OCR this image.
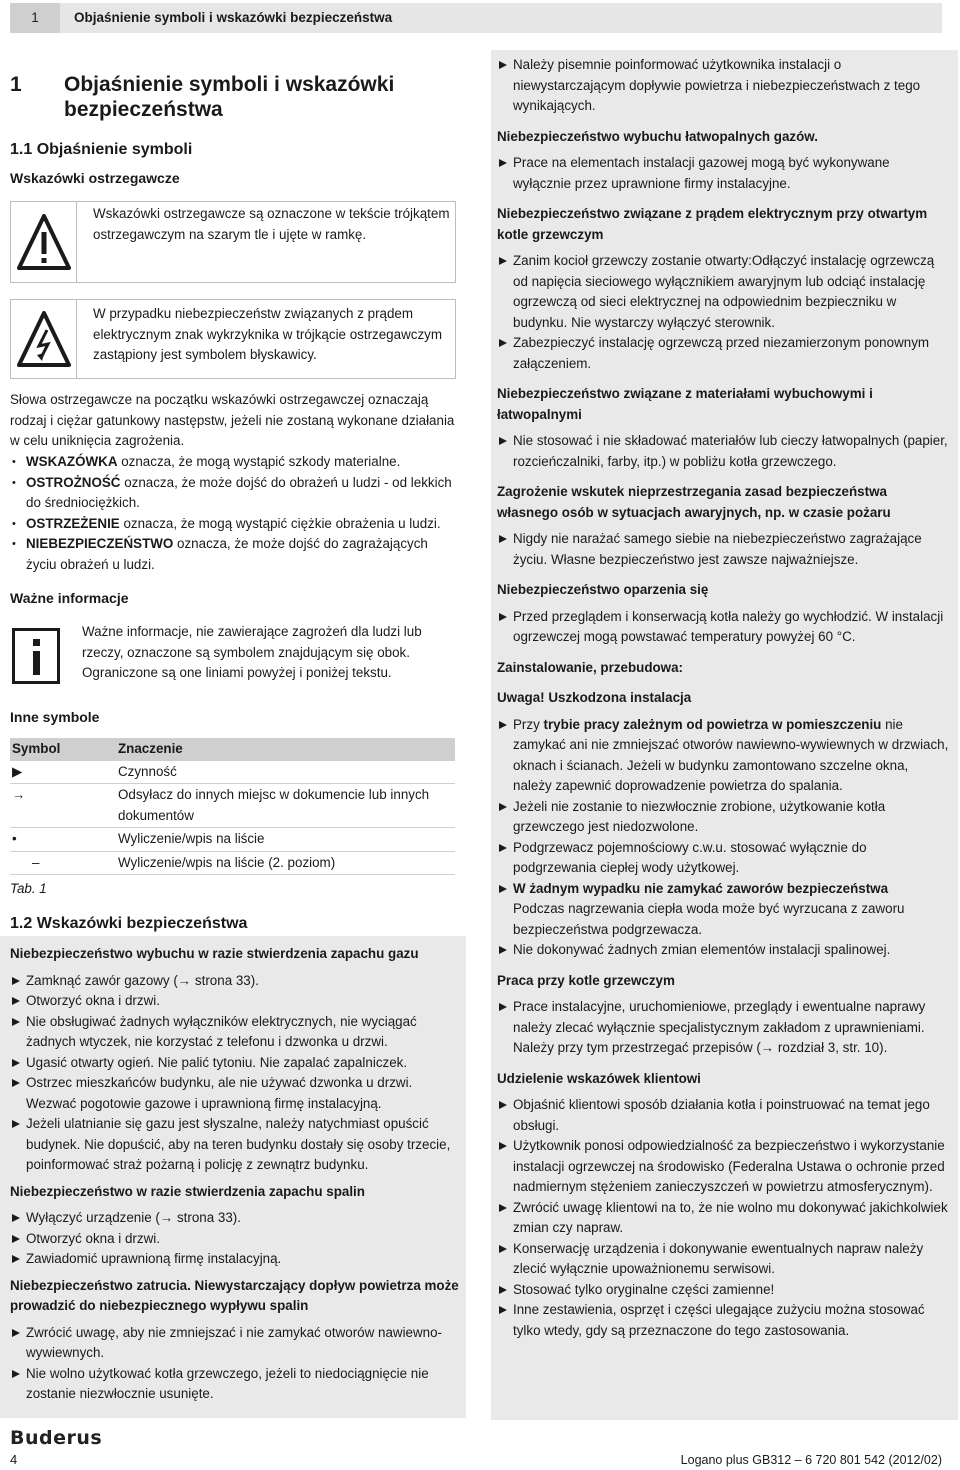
1	Objaśnienie symboli i wskazówki bezpieczeństwa
1	Objaśnienie symboli i wskazówki
bezpieczeństwa
1.1 Objaśnienie symboli
Wskazówki ostrzegawcze
Wskazówki ostrzegawcze są oznaczone w tekście trójkątem ostrzegawczym na szarym tle i ujęte w ramkę.
W przypadku niebezpieczeństw związanych z prądem elektrycznym znak wykrzyknika w trójkącie ostrzegawczym zastąpiony jest symbolem błyskawicy.
Słowa ostrzegawcze na początku wskazówki ostrzegawczej oznaczają rodzaj i ciężar gatunkowy następstw, jeżeli nie zostaną wykonane działania w celu uniknięcia zagrożenia.
• WSKAZÓWKA oznacza, że mogą wystąpić szkody materialne.
• OSTROŻNOŚĆ oznacza, że może dojść do obrażeń u ludzi - od lekkich do średniociężkich.
• OSTRZEŻENIE oznacza, że mogą wystąpić ciężkie obrażenia u ludzi.
• NIEBEZPIECZEŃSTWO oznacza, że może dojść do zagrażających życiu obrażeń u ludzi.
Ważne informacje
Ważne informacje, nie zawierające zagrożeń dla ludzi lub rzeczy, oznaczone są symbolem znajdującym się obok. Ograniczone są one liniami powyżej i poniżej tekstu.
Inne symbole
Symbol	Znaczenie
▶	Czynność
→	Odsyłacz do innych miejsc w dokumencie lub innych dokumentów
•	Wyliczenie/wpis na liście
–	Wyliczenie/wpis na liście (2. poziom)
Tab. 1
1.2 Wskazówki bezpieczeństwa
Niebezpieczeństwo wybuchu w razie stwierdzenia zapachu gazu
Zamknąć zawór gazowy (→ strona 33).
Otworzyć okna i drzwi.
Nie obsługiwać żadnych wyłączników elektrycznych, nie wyciągać żadnych wtyczek, nie korzystać z telefonu i dzwonka u drzwi.
Ugasić otwarty ogień. Nie palić tytoniu. Nie zapalać zapalniczek.
Ostrzec mieszkańców budynku, ale nie używać dzwonka u drzwi. Wezwać pogotowie gazowe i uprawnioną firmę instalacyjną.
Jeżeli ulatnianie się gazu jest słyszalne, należy natychmiast opuścić budynek. Nie dopuścić, aby na teren budynku dostały się osoby trzecie, poinformować straż pożarną i policję z zewnątrz budynku.
Niebezpieczeństwo w razie stwierdzenia zapachu spalin
Wyłączyć urządzenie (→ strona 33).
Otworzyć okna i drzwi.
Zawiadomić uprawnioną firmę instalacyjną.
Niebezpieczeństwo zatrucia. Niewystarczający dopływ powietrza może prowadzić do niebezpiecznego wypływu spalin
Zwrócić uwagę, aby nie zmniejszać i nie zamykać otworów nawiewno-wywiewnych.
Nie wolno użytkować kotła grzewczego, jeżeli to niedociągnięcie nie zostanie niezwłocznie usunięte.
Należy pisemnie poinformować użytkownika instalacji o niewystarczającym dopływie powietrza i niebezpieczeństwach z tego wynikających.
Niebezpieczeństwo wybuchu łatwopalnych gazów.
Prace na elementach instalacji gazowej mogą być wykonywane wyłącznie przez uprawnione firmy instalacyjne.
Niebezpieczeństwo związane z prądem elektrycznym przy otwartym kotle grzewczym
Zanim kocioł grzewczy zostanie otwarty:Odłączyć instalację ogrzewczą od napięcia sieciowego wyłącznikiem awaryjnym lub odciąć instalację ogrzewczą od sieci elektrycznej na odpowiednim bezpieczniku w budynku. Nie wystarczy wyłączyć sterownik.
Zabezpieczyć instalację ogrzewczą przed niezamierzonym ponownym załączeniem.
Niebezpieczeństwo związane z materiałami wybuchowymi i łatwopalnymi
Nie stosować i nie składować materiałów lub cieczy łatwopalnych (papier, rozcieńczalniki, farby, itp.) w pobliżu kotła grzewczego.
Zagrożenie wskutek nieprzestrzegania zasad bezpieczeństwa własnego osób w sytuacjach awaryjnych, np. w czasie pożaru
Nigdy nie narażać samego siebie na niebezpieczeństwo zagrażające życiu. Własne bezpieczeństwo jest zawsze najważniejsze.
Niebezpieczeństwo oparzenia się
Przed przeglądem i konserwacją kotła należy go wychłodzić. W instalacji ogrzewczej mogą powstawać temperatury powyżej 60 °C.
Zainstalowanie, przebudowa:
Uwaga! Uszkodzona instalacja
Przy trybie pracy zależnym od powietrza w pomieszczeniu nie zamykać ani nie zmniejszać otworów nawiewno-wywiewnych w drzwiach, oknach i ścianach. Jeżeli w budynku zamontowano szczelne okna, należy zapewnić doprowadzenie powietrza do spalania.
Jeżeli nie zostanie to niezwłocznie zrobione, użytkowanie kotła grzewczego jest niedozwolone.
Podgrzewacz pojemnościowy c.w.u. stosować wyłącznie do podgrzewania ciepłej wody użytkowej.
W żadnym wypadku nie zamykać zaworów bezpieczeństwa
Podczas nagrzewania ciepła woda może być wyrzucana z zaworu bezpieczeństwa podgrzewacza.
Nie dokonywać żadnych zmian elementów instalacji spalinowej.
Praca przy kotle grzewczym
Prace instalacyjne, uruchomieniowe, przeglądy i ewentualne naprawy należy zlecać wyłącznie specjalistycznym zakładom z uprawnieniami. Należy przy tym przestrzegać przepisów (→ rozdział 3, str. 10).
Udzielenie wskazówek klientowi
Objaśnić klientowi sposób działania kotła i poinstruować na temat jego obsługi.
Użytkownik ponosi odpowiedzialność za bezpieczeństwo i wykorzystanie instalacji ogrzewczej na środowisko (Federalna Ustawa o ochronie przed nadmiernym stężeniem zanieczyszczeń w powietrzu atmosferycznym).
Zwrócić uwagę klientowi na to, że nie wolno mu dokonywać jakichkolwiek zmian czy napraw.
Konserwację urządzenia i dokonywanie ewentualnych napraw należy zlecić wyłącznie upoważnionemu serwisowi.
Stosować tylko oryginalne części zamienne!
Inne zestawienia, osprzęt i części ulegające zużyciu można stosować tylko wtedy, gdy są przeznaczone do tego zastosowania.
Buderus
4	Logano plus GB312 – 6 720 801 542 (2012/02)
